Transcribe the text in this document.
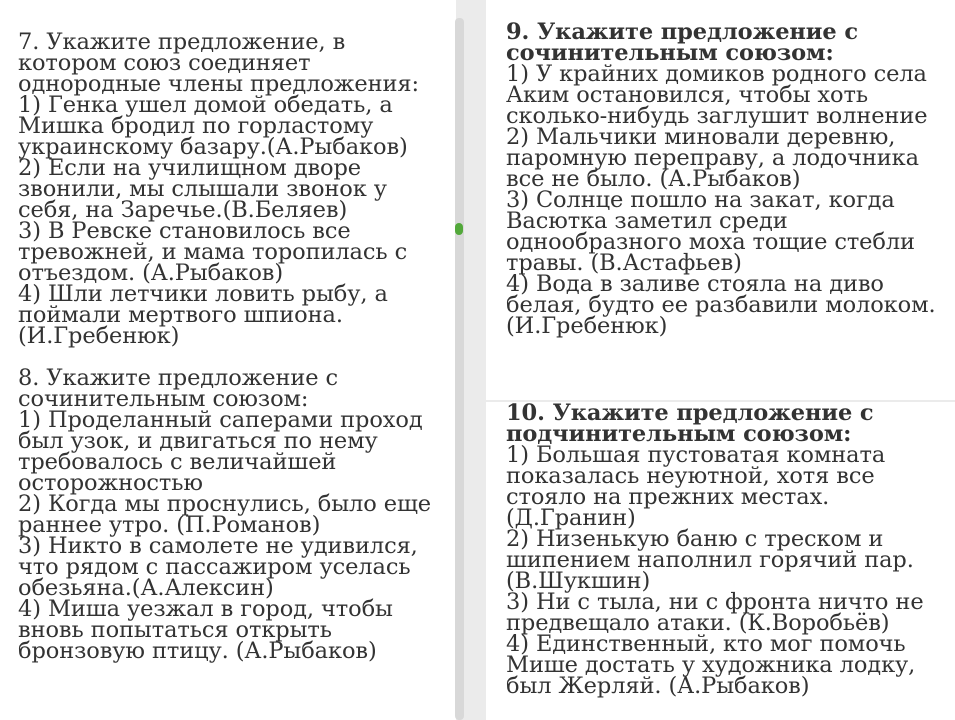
7. Укажите предложение, в котором союз соединяет однородные члены предложения:

1) Генка ушел домой обедать, а Мишка бродил по горластому украинскому базару.(А.Рыбаков)

2) Если на училищном дворе звонили, мы слышали звонок у себя, на Заречье.(В.Беляев)

3) В Ревске становилось все тревожней, и мама торопилась с отъездом. (А.Рыбаков)

4) Шли летчики ловить рыбу, а поймали мертвого шпиона. (И.Гребенюк)

8. Укажите предложение с сочинительным союзом:

1) Проделанный саперами проход был узок, и двигаться по нему требовалось с величайшей осторожностью

2) Когда мы проснулись, было еще раннее утро. (П.Романов)

3) Никто в самолете не удивился, что рядом с пассажиром уселась обезьяна.(А.Алексин)

4) Миша уезжал в город, чтобы вновь попытаться открыть бронзовую птицу. (А.Рыбаков)

9. Укажите предложение с сочинительным союзом:

1) У крайних домиков родного села Аким остановился, чтобы хоть сколько-нибудь заглушит волнение

2) Мальчики миновали деревню, паромную переправу, а лодочника все не было. (А.Рыбаков)

3) Солнце пошло на закат, когда Васютка заметил среди однообразного моха тощие стебли травы. (В.Астафьев)

4) Вода в заливе стояла на диво белая, будто ее разбавили молоком.(И.Гребенюк)

10. Укажите предложение с подчинительным союзом:

1) Большая пустоватая комната показалась неуютной, хотя все стояло на прежних местах. (Д.Гранин)

2) Низенькую баню с треском и шипением наполнил горячий пар. (В.Шукшин)

3) Ни с тыла, ни с фронта ничто не предвещало атаки. (К.Воробьёв)

4) Единственный, кто мог помочь Мише достать у художника лодку, был Жерляй. (А.Рыбаков)
